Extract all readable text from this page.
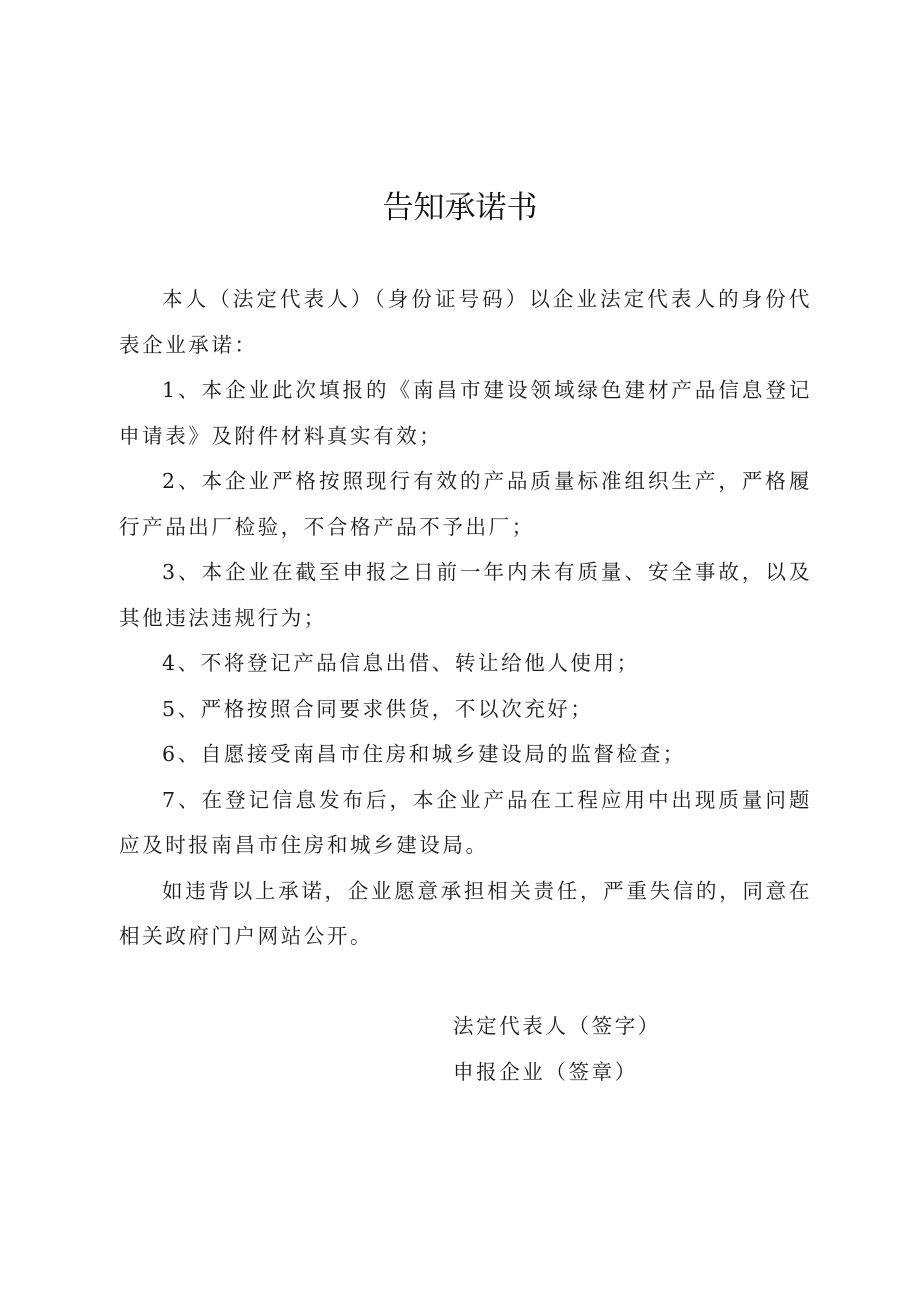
告知承诺书

本人（法定代表人）（身份证号码）以企业法定代表人的身份代表企业承诺：

1、本企业此次填报的《南昌市建设领域绿色建材产品信息登记申请表》及附件材料真实有效；

2、本企业严格按照现行有效的产品质量标准组织生产，严格履行产品出厂检验，不合格产品不予出厂；

3、本企业在截至申报之日前一年内未有质量、安全事故，以及其他违法违规行为；

4、不将登记产品信息出借、转让给他人使用；

5、严格按照合同要求供货，不以次充好；

6、自愿接受南昌市住房和城乡建设局的监督检查；

7、在登记信息发布后，本企业产品在工程应用中出现质量问题应及时报南昌市住房和城乡建设局。

如违背以上承诺，企业愿意承担相关责任，严重失信的，同意在相关政府门户网站公开。

法定代表人（签字）

申报企业（签章）
